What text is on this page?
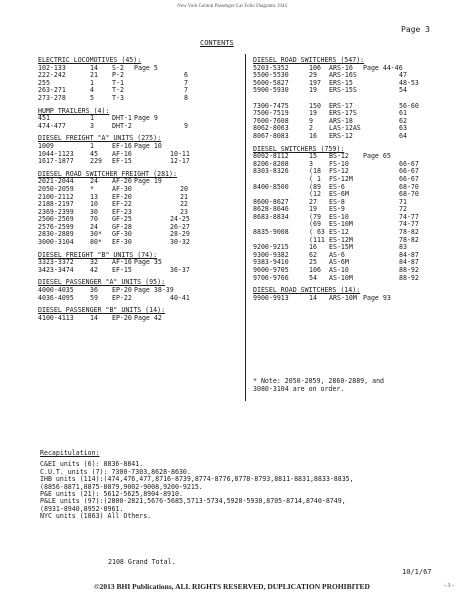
New York Central Passenger Car Folio Diagrams 1944
Page 3
CONTENTS
ELECTRIC LOCOMOTIVES (45):
102-133	14	S-2	Page 5
222-242	21	P-2	6
255	1	T-1	7
263-271	4	T-2	7
273-278	5	T-3	8
HUMP TRAILERS (4):
451	1	DHT-1 Page 9
474-477	3	DHT-2	9
DIESEL FREIGHT "A" UNITS (275):
1009	1	EF-16 Page 10
1044-1123	45	AF-16	10-11
1617-1877	229	EF-15	12-17
DIESEL ROAD SWITCHER FREIGHT (281):
2021-2044	24	AF-20 Page 19
2050-2059	*	AF-30	20
2100-2112	13	EF-20	21
2188-2197	10	EF-22	22
2369-2399	30	EF-23	23
2500-2569	70	GF-25	24-25
2576-2599	24	GF-28	26-27
2830-2889	30*	GF-30	28-29
3000-3104	80*	EF-30	30-32
DIESEL FREIGHT "B" UNITS (74):
3323-3372	32	AF-16 Page 35
3423-3474	42	EF-15	36-37
DIESEL PASSENGER "A" UNITS (95):
4000-4035	36	EP-20 Page 38-39
4036-4095	59	EP-22	40-41
DIESEL PASSENGER "B" UNITS (14):
4100-4113	14	EP-20 Page 42
DIESEL ROAD SWITCHERS (547):
5203-5352	106	ARS-16	Page 44-46
5500-5530	29	ARS-16S	47
5600-5827	197	ERS-15	48-53
5900-5930	19	ERS-15S	54
7300-7475	150	ERS-17	56-60
7500-7519	19	ERS-17S	61
7600-7608	9	ARS-18	62
8062-8063	2	LAS-12AS	63
8067-8083	16	ERS-12	64
DIESEL SWITCHERS (759):
8092-8112	15	BS-12	Page 65
8206-8208	3	FS-10	66-67
8303-8326	(18	FS-12	66-67
( 1	FS-12M	66-67
8400-8500	(89	ES-6	68-70
(12	ES-6M	68-70
8600-8627	27	ES-8	71
8628-8646	19	ES-9	72
8683-8834	(79	ES-10	74-77
(69	ES-10M	74-77
8835-9008	( 63 ES-12	78-82
(111 ES-12M	78-82
9200-9215	16	ES-15M	83
9300-9382	62	AS-6	84-87
9383-9410	25	AS-6M	84-87
9600-9705	106	AS-10	88-92
9706-9766	54	AS-10M	88-92
DIESEL ROAD SWITCHERS (14):
9900-9913	14	ARS-10M Page 93
* Note: 2050-2059, 2860-2889, and
3080-3104 are on order.
Recapitulation:
C&EI units (6): 8836-8841.
C.U.T. units (7): 7300-7303,8628-8630.
IHB units (114):(474,476,477,8716-8739,8774-8776,8778-8793,8811-8831,8833-8835,
(8856-8871,8875-8879,9002-9008,9200-9215.
P&E units (21): 5612-5625,8904-8910.
P&LE units (97):(2800-2821,5676-5685,5713-5734,5928-5930,8705-8714,8740-8749,
(8931-8940,8952-8961.
NYC units (1863) All Others.
2108 Grand Total.
10/1/67
©2013 BHI Publications, ALL RIGHTS RESERVED, DUPLICATION PROHIBITED	- 3 -
